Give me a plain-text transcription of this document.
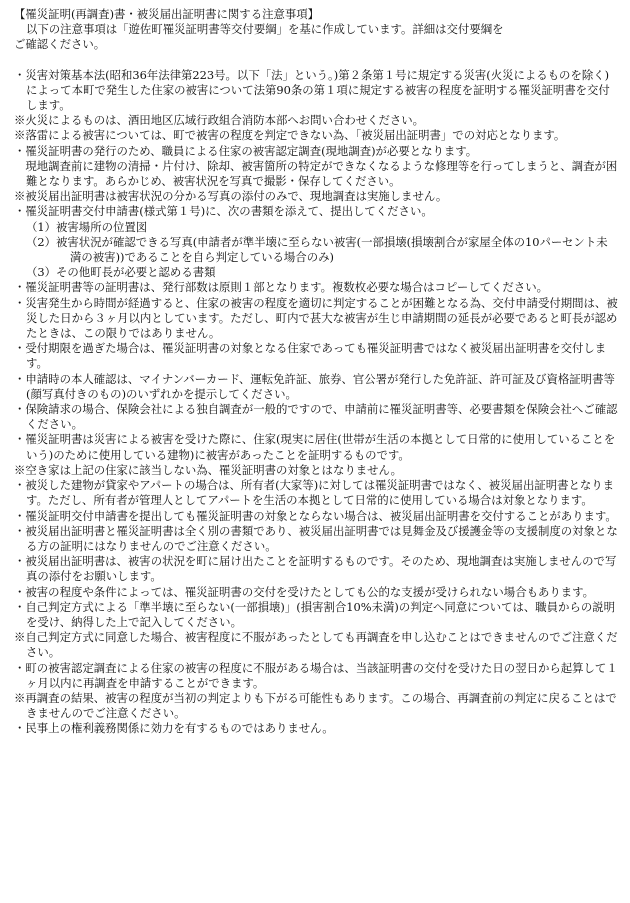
【罹災証明(再調査)書・被災届出証明書に関する注意事項】

以下の注意事項は「遊佐町罹災証明書等交付要綱」を基に作成しています。詳細は交付要綱を

ご確認ください。

・災害対策基本法(昭和36年法律第223号。以下「法」という。)第２条第１号に規定する災害(火災によるものを除く)によって本町で発生した住家の被害について法第90条の第１項に規定する被害の程度を証明する罹災証明書を交付します。

※火災によるものは、酒田地区広域行政組合消防本部へお問い合わせください。

※落雷による被害については、町で被害の程度を判定できない為、「被災届出証明書」での対応となります。

・罹災証明書の発行のため、職員による住家の被害認定調査(現地調査)が必要となります。

　現地調査前に建物の清掃・片付け、除却、被害箇所の特定ができなくなるような修理等を行ってしまうと、調査が困難となります。あらかじめ、被害状況を写真で撮影・保存してください。

※被災届出証明書は被害状況の分かる写真の添付のみで、現地調査は実施しません。

・罹災証明書交付申請書(様式第１号)に、次の書類を添えて、提出してください。

（1）被害場所の位置図

（2）被害状況が確認できる写真(申請者が準半壊に至らない被害(一部損壊(損壊割合が家屋全体の10パーセント未満の被害))であることを自ら判定している場合のみ)

（3）その他町長が必要と認める書類

・罹災証明書等の証明書は、発行部数は原則１部となります。複数枚必要な場合はコピーしてください。

・災害発生から時間が経過すると、住家の被害の程度を適切に判定することが困難となる為、交付申請受付期間は、被災した日から３ヶ月以内としています。ただし、町内で甚大な被害が生じ申請期間の延長が必要であると町長が認めたときは、この限りではありません。

・受付期限を過ぎた場合は、罹災証明書の対象となる住家であっても罹災証明書ではなく被災届出証明書を交付します。

・申請時の本人確認は、マイナンバーカード、運転免許証、旅券、官公署が発行した免許証、許可証及び資格証明書等(顔写真付きのもの)のいずれかを提示してください。

・保険請求の場合、保険会社による独自調査が一般的ですので、申請前に罹災証明書等、必要書類を保険会社へご確認ください。

・罹災証明書は災害による被害を受けた際に、住家(現実に居住(世帯が生活の本拠として日常的に使用していることをいう)のために使用している建物)に被害があったことを証明するものです。

※空き家は上記の住家に該当しない為、罹災証明書の対象とはなりません。

・被災した建物が貸家やアパートの場合は、所有者(大家等)に対しては罹災証明書ではなく、被災届出証明書となります。ただし、所有者が管理人としてアパートを生活の本拠として日常的に使用している場合は対象となります。

・罹災証明交付申請書を提出しても罹災証明書の対象とならない場合は、被災届出証明書を交付することがあります。

・被災届出証明書と罹災証明書は全く別の書類であり、被災届出証明書では見舞金及び援護金等の支援制度の対象となる方の証明にはなりませんのでご注意ください。

・被災届出証明書は、被害の状況を町に届け出たことを証明するものです。そのため、現地調査は実施しませんので写真の添付をお願いします。

・被害の程度や条件によっては、罹災証明書の交付を受けたとしても公的な支援が受けられない場合もあります。

・自己判定方式による「準半壊に至らない(一部損壊)」(損害割合10%未満)の判定へ同意については、職員からの説明を受け、納得した上で記入してください。

※自己判定方式に同意した場合、被害程度に不服があったとしても再調査を申し込むことはできませんのでご注意ください。

・町の被害認定調査による住家の被害の程度に不服がある場合は、当該証明書の交付を受けた日の翌日から起算して１ヶ月以内に再調査を申請することができます。

※再調査の結果、被害の程度が当初の判定よりも下がる可能性もあります。この場合、再調査前の判定に戻ることはできませんのでご注意ください。

・民事上の権利義務関係に効力を有するものではありません。
